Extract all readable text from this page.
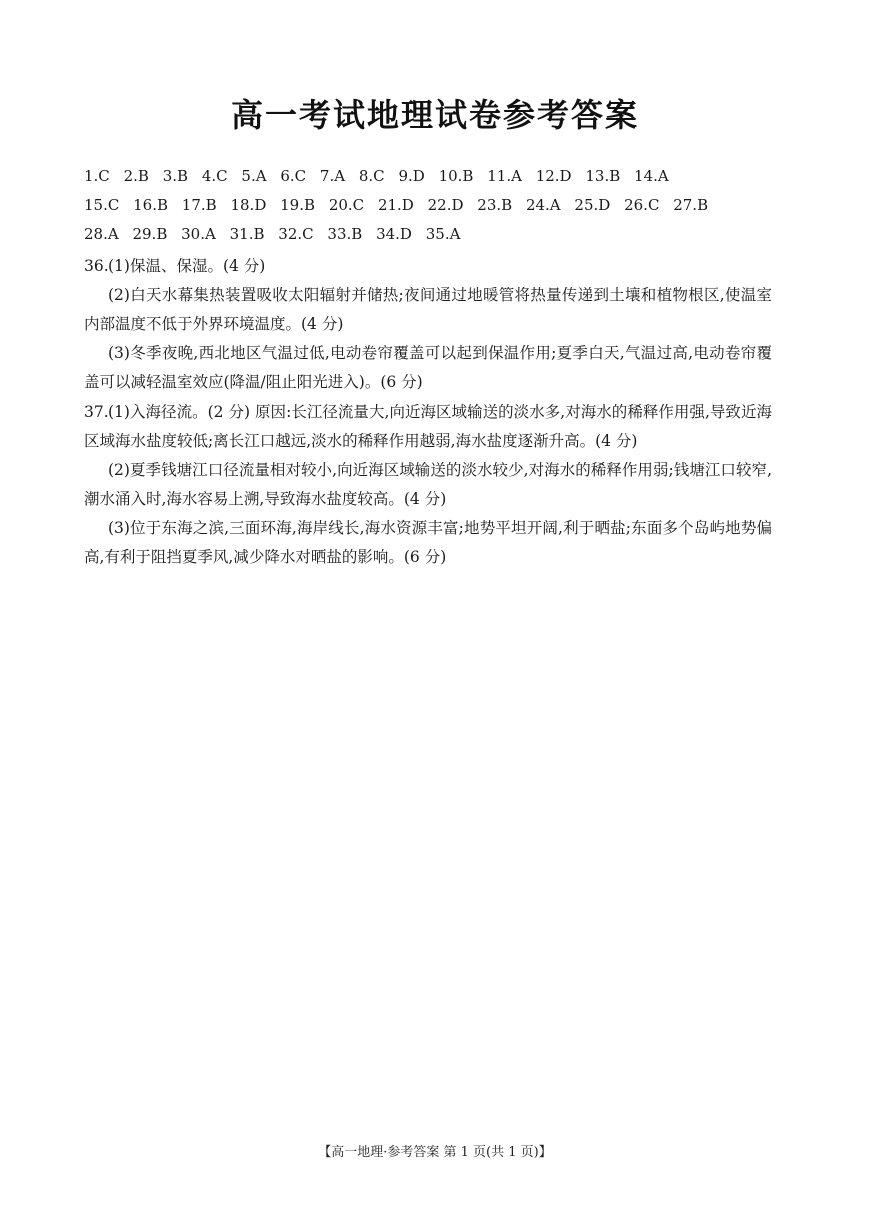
高一考试地理试卷参考答案
1.C 2.B 3.B 4.C 5.A 6.C 7.A 8.C 9.D 10.B 11.A 12.D 13.B 14.A
15.C 16.B 17.B 18.D 19.B 20.C 21.D 22.D 23.B 24.A 25.D 26.C 27.B
28.A 29.B 30.A 31.B 32.C 33.B 34.D 35.A
36. (1)保温、保湿。(4 分)

(2)白天水幕集热装置吸收太阳辐射并储热;夜间通过地暖管将热量传递到土壤和植物根区,使温室内部温度不低于外界环境温度。(4 分)

(3)冬季夜晚,西北地区气温过低,电动卷帘覆盖可以起到保温作用;夏季白天,气温过高,电动卷帘覆盖可以减轻温室效应(降温/阻止阳光进入)。(6 分)

37. (1)入海径流。(2 分) 原因:长江径流量大,向近海区域输送的淡水多,对海水的稀释作用强,导致近海区域海水盐度较低;离长江口越远,淡水的稀释作用越弱,海水盐度逐渐升高。(4 分)

(2)夏季钱塘江口径流量相对较小,向近海区域输送的淡水较少,对海水的稀释作用弱;钱塘江口较窄,潮水涌入时,海水容易上溯,导致海水盐度较高。(4 分)

(3)位于东海之滨,三面环海,海岸线长,海水资源丰富;地势平坦开阔,利于晒盐;东面多个岛屿地势偏高,有利于阻挡夏季风,减少降水对晒盐的影响。(6 分)

【高一地理·参考答案 第 1 页(共 1 页)】
